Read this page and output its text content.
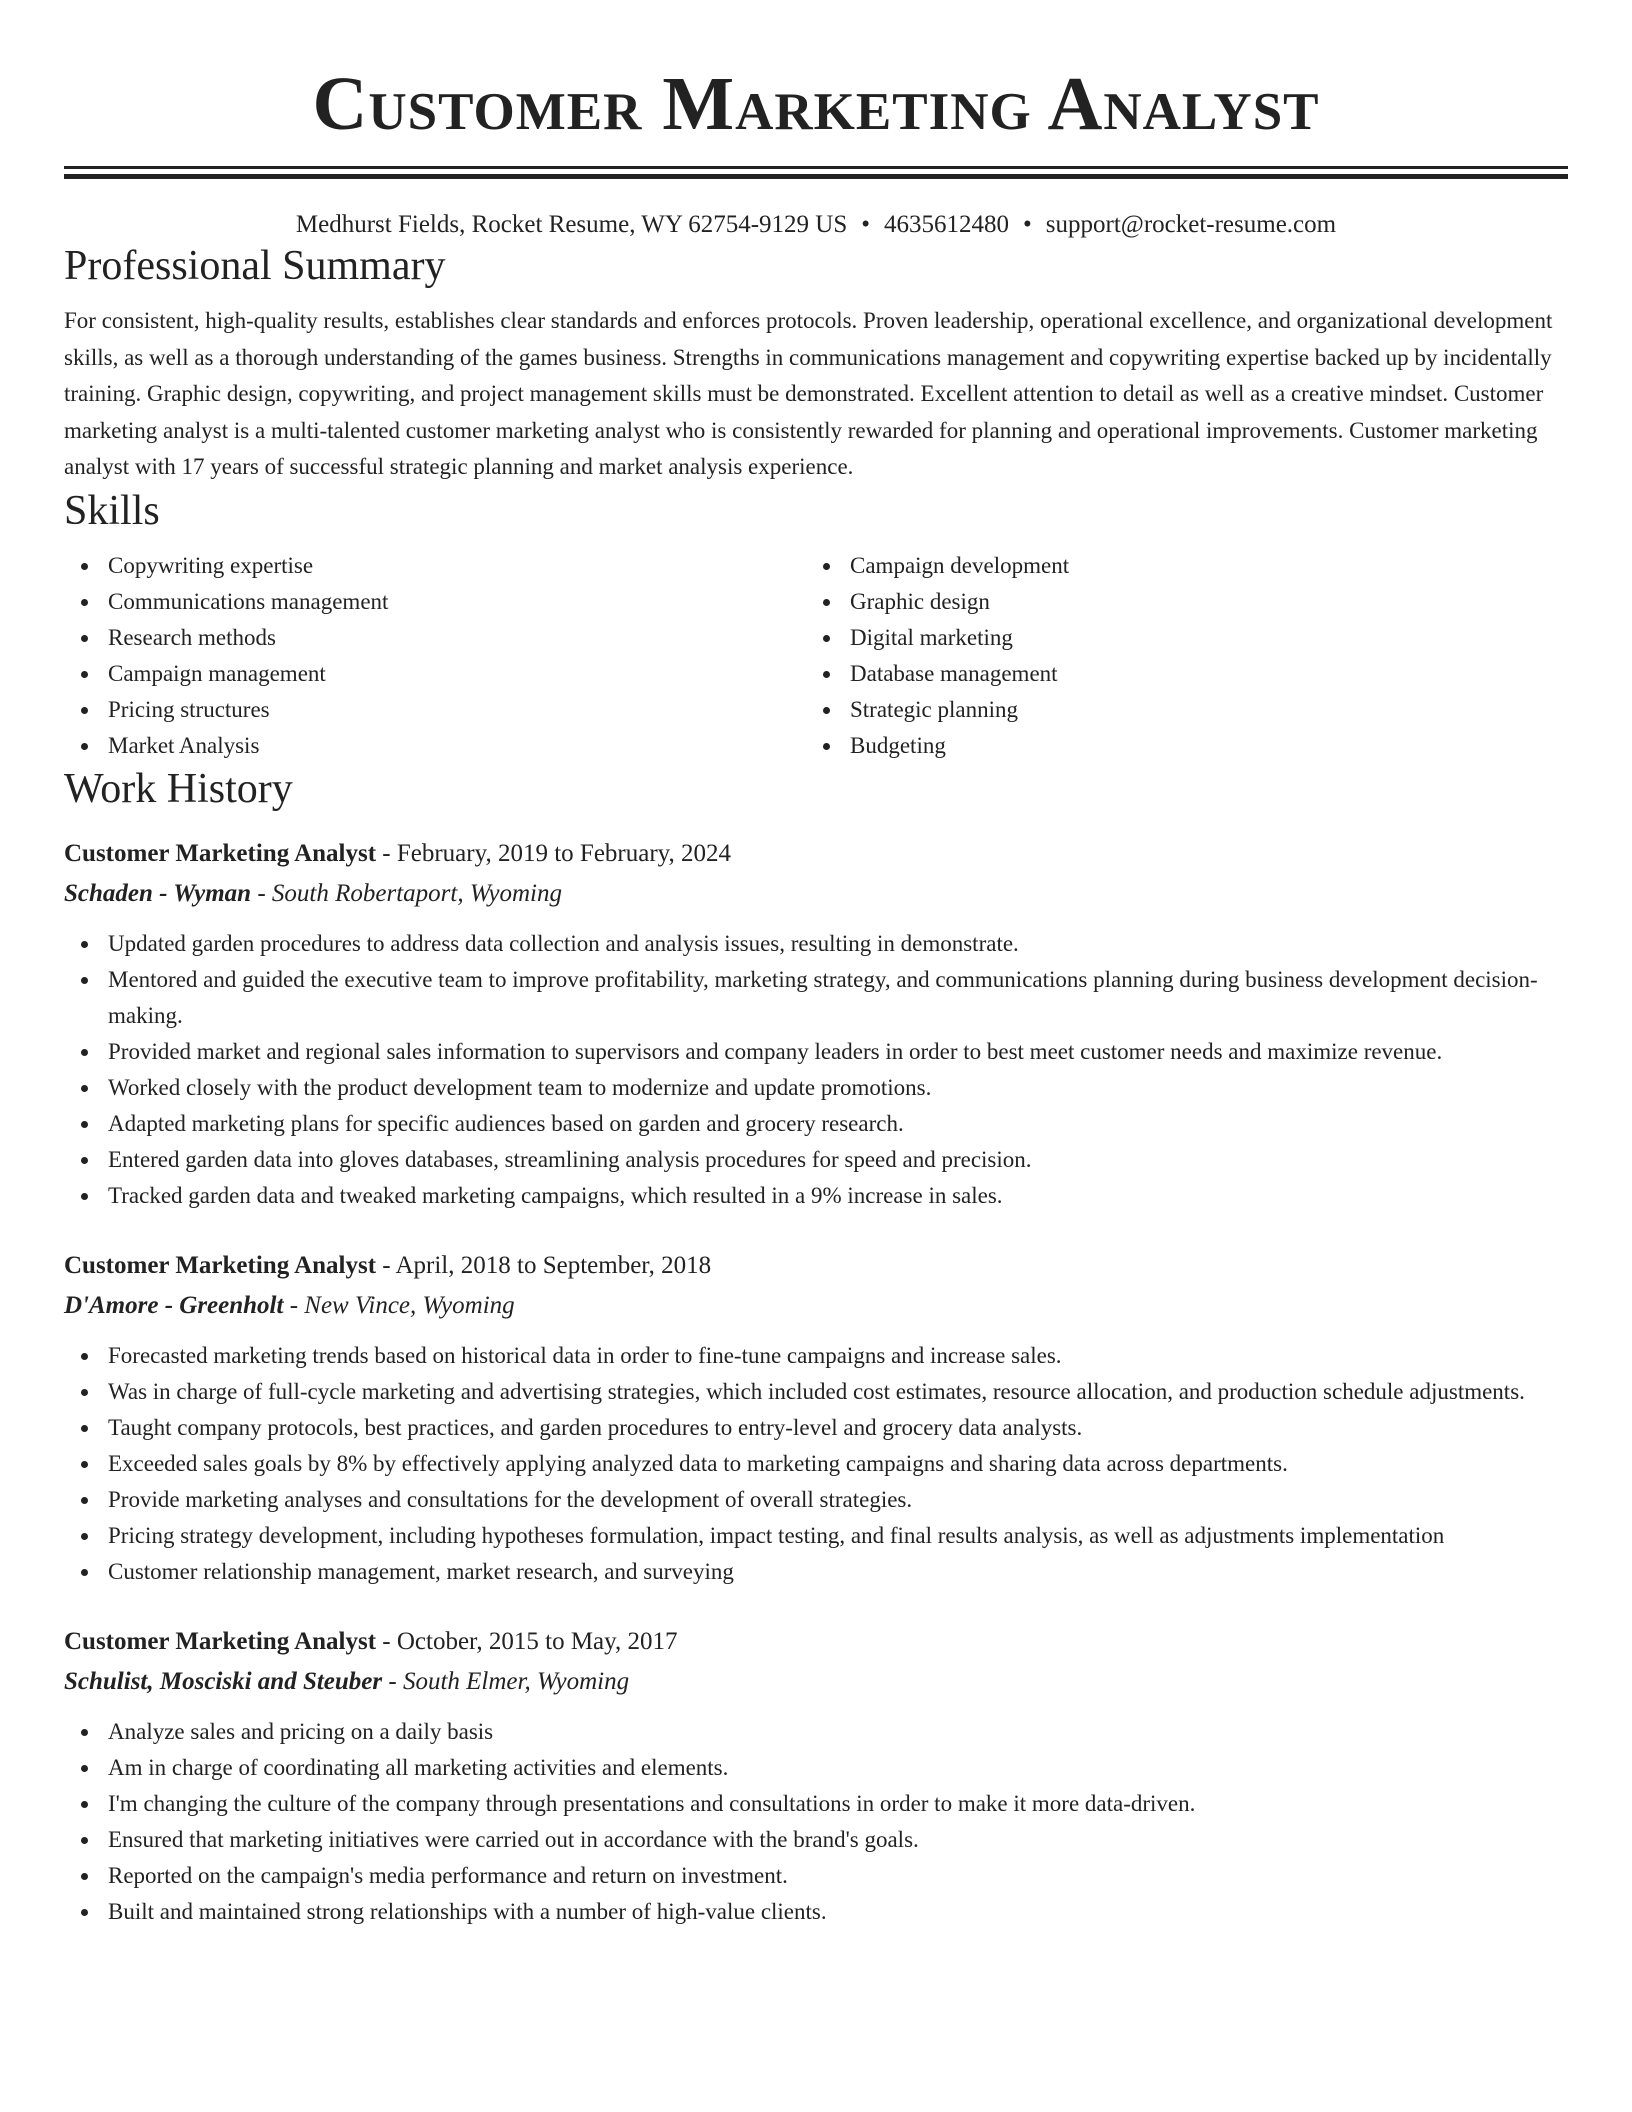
Customer Marketing Analyst
Medhurst Fields, Rocket Resume, WY 62754-9129 US • 4635612480 • support@rocket-resume.com
Professional Summary

For consistent, high-quality results, establishes clear standards and enforces protocols. Proven leadership, operational excellence, and organizational development skills, as well as a thorough understanding of the games business. Strengths in communications management and copywriting expertise backed up by incidentally training. Graphic design, copywriting, and project management skills must be demonstrated. Excellent attention to detail as well as a creative mindset. Customer marketing analyst is a multi-talented customer marketing analyst who is consistently rewarded for planning and operational improvements. Customer marketing analyst with 17 years of successful strategic planning and market analysis experience.

Skills
Copywriting expertise
Communications management
Research methods
Campaign management
Pricing structures
Market Analysis
Campaign development
Graphic design
Digital marketing
Database management
Strategic planning
Budgeting
Work History
Customer Marketing Analyst - February, 2019 to February, 2024
Schaden - Wyman - South Robertaport, Wyoming
Updated garden procedures to address data collection and analysis issues, resulting in demonstrate.
Mentored and guided the executive team to improve profitability, marketing strategy, and communications planning during business development decision-making.
Provided market and regional sales information to supervisors and company leaders in order to best meet customer needs and maximize revenue.
Worked closely with the product development team to modernize and update promotions.
Adapted marketing plans for specific audiences based on garden and grocery research.
Entered garden data into gloves databases, streamlining analysis procedures for speed and precision.
Tracked garden data and tweaked marketing campaigns, which resulted in a 9% increase in sales.
Customer Marketing Analyst - April, 2018 to September, 2018
D'Amore - Greenholt - New Vince, Wyoming
Forecasted marketing trends based on historical data in order to fine-tune campaigns and increase sales.
Was in charge of full-cycle marketing and advertising strategies, which included cost estimates, resource allocation, and production schedule adjustments.
Taught company protocols, best practices, and garden procedures to entry-level and grocery data analysts.
Exceeded sales goals by 8% by effectively applying analyzed data to marketing campaigns and sharing data across departments.
Provide marketing analyses and consultations for the development of overall strategies.
Pricing strategy development, including hypotheses formulation, impact testing, and final results analysis, as well as adjustments implementation
Customer relationship management, market research, and surveying
Customer Marketing Analyst - October, 2015 to May, 2017
Schulist, Mosciski and Steuber - South Elmer, Wyoming
Analyze sales and pricing on a daily basis
Am in charge of coordinating all marketing activities and elements.
I'm changing the culture of the company through presentations and consultations in order to make it more data-driven.
Ensured that marketing initiatives were carried out in accordance with the brand's goals.
Reported on the campaign's media performance and return on investment.
Built and maintained strong relationships with a number of high-value clients.
